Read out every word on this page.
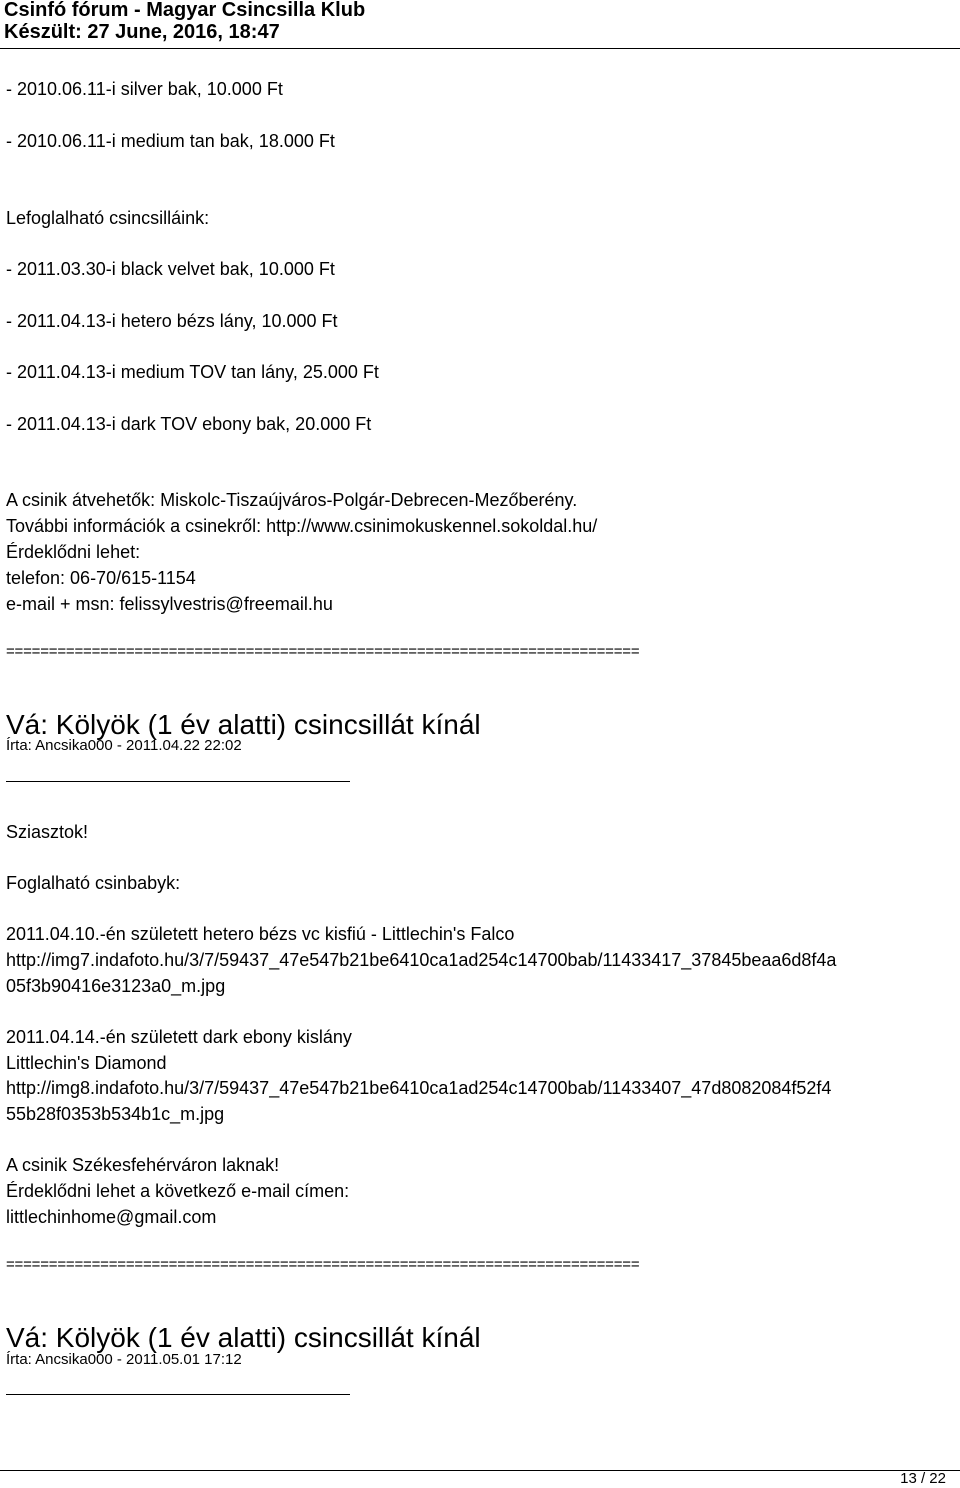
Csinfó fórum - Magyar Csincsilla Klub
Készült: 27 June, 2016, 18:47
- 2010.06.11-i silver bak, 10.000 Ft
- 2010.06.11-i medium tan bak, 18.000 Ft
Lefoglalható csincsilláink:
- 2011.03.30-i black velvet bak, 10.000 Ft
- 2011.04.13-i hetero bézs lány, 10.000 Ft
- 2011.04.13-i medium TOV tan lány, 25.000 Ft
- 2011.04.13-i dark TOV ebony bak, 20.000 Ft
A csinik átvehetők: Miskolc-Tiszaújváros-Polgár-Debrecen-Mezőberény.
További információk a csinekről: http://www.csinimokuskennel.sokoldal.hu/
Érdeklődni lehet:
telefon: 06-70/615-1154
e-mail + msn: felissylvestris@freemail.hu
==========================================================================
Vá: Kölyök (1 év alatti) csincsillát kínál
Írta: Ancsika000 - 2011.04.22 22:02
Sziasztok!
Foglalható csinbabyk:
2011.04.10.-én született hetero bézs vc kisfiú - Littlechin's Falco
http://img7.indafoto.hu/3/7/59437_47e547b21be6410ca1ad254c14700bab/11433417_37845beaa6d8f4a
05f3b90416e3123a0_m.jpg
2011.04.14.-én született dark ebony kislány
Littlechin's Diamond
http://img8.indafoto.hu/3/7/59437_47e547b21be6410ca1ad254c14700bab/11433407_47d8082084f52f4
55b28f0353b534b1c_m.jpg
A csinik Székesfehérváron laknak!
Érdeklődni lehet a következő e-mail címen:
littlechinhome@gmail.com
==========================================================================
Vá: Kölyök (1 év alatti) csincsillát kínál
Írta: Ancsika000 - 2011.05.01 17:12
13 / 22
